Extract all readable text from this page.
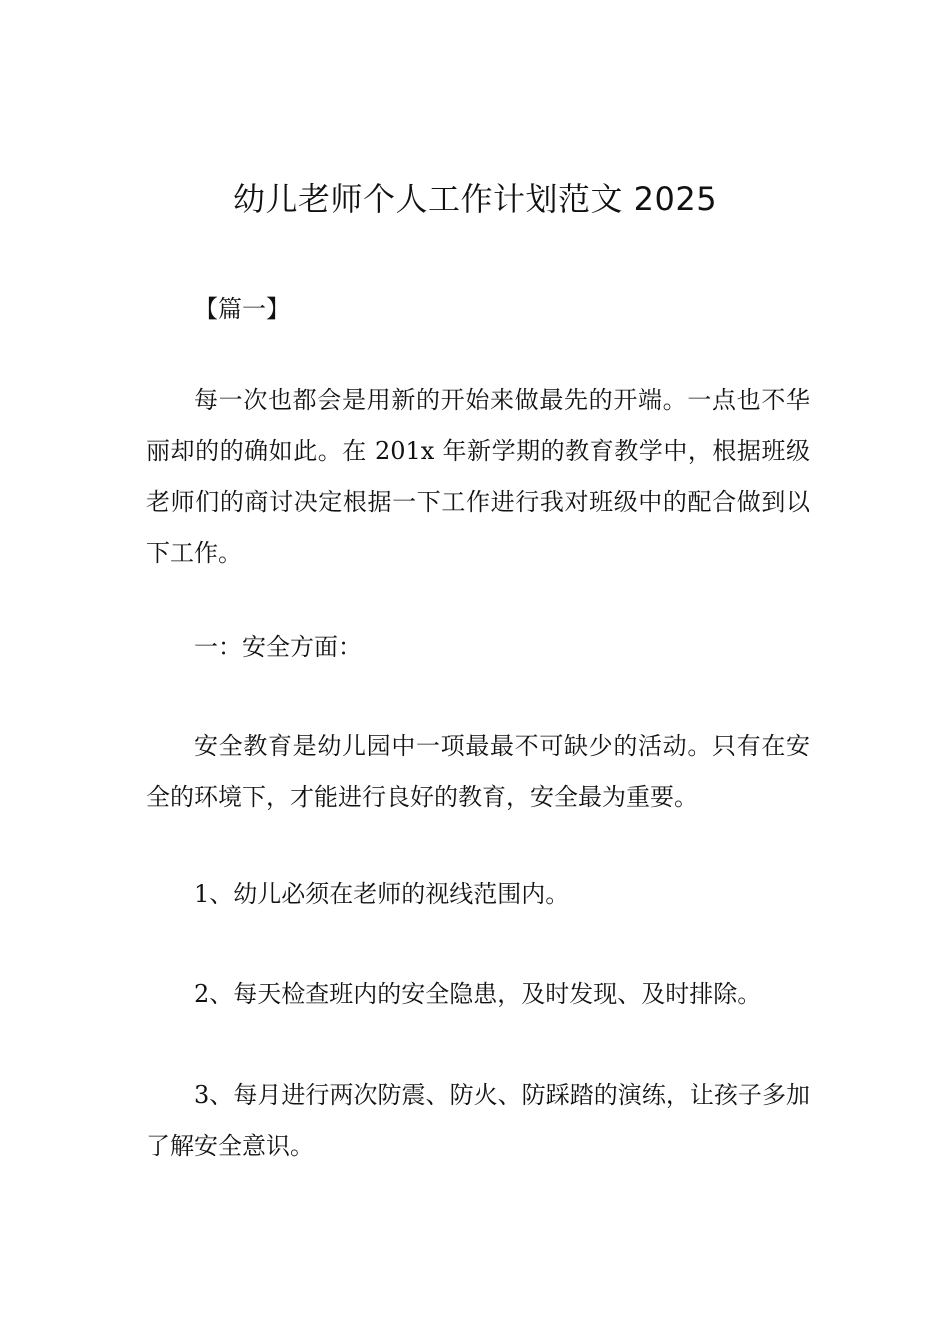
幼儿老师个人工作计划范文 2025

【篇一】

每一次也都会是用新的开始来做最先的开端。一点也不华丽却的的确如此。在 201x 年新学期的教育教学中，根据班级老师们的商讨决定根据一下工作进行我对班级中的配合做到以下工作。

一：安全方面：

安全教育是幼儿园中一项最最不可缺少的活动。只有在安全的环境下，才能进行良好的教育，安全最为重要。

1、幼儿必须在老师的视线范围内。

2、每天检查班内的安全隐患，及时发现、及时排除。

3、每月进行两次防震、防火、防踩踏的演练，让孩子多加了解安全意识。
